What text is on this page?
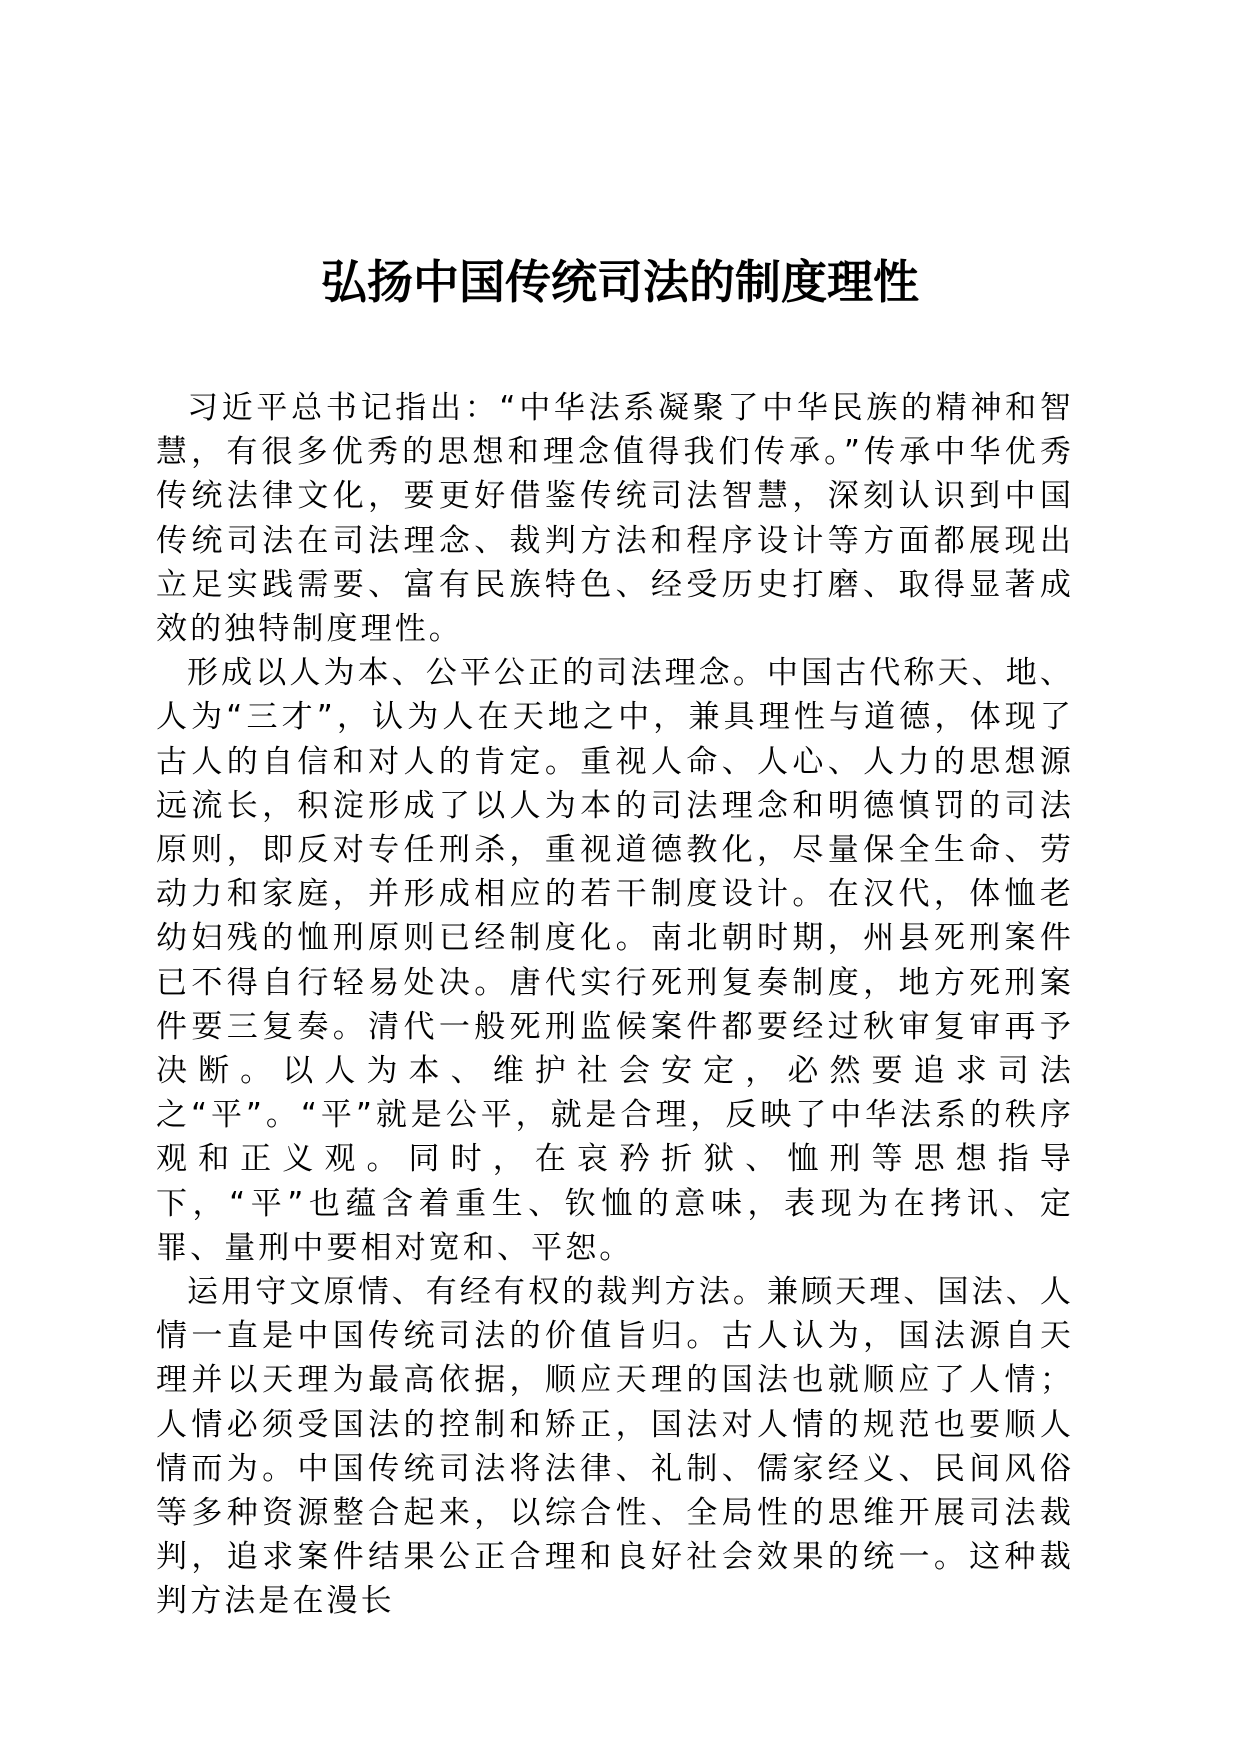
弘扬中国传统司法的制度理性

习近平总书记指出：“中华法系凝聚了中华民族的精神和智慧，有很多优秀的思想和理念值得我们传承。”传承中华优秀传统法律文化，要更好借鉴传统司法智慧，深刻认识到中国传统司法在司法理念、裁判方法和程序设计等方面都展现出立足实践需要、富有民族特色、经受历史打磨、取得显著成效的独特制度理性。

形成以人为本、公平公正的司法理念。中国古代称天、地、人为“三才”，认为人在天地之中，兼具理性与道德，体现了古人的自信和对人的肯定。重视人命、人心、人力的思想源远流长，积淀形成了以人为本的司法理念和明德慎罚的司法原则，即反对专任刑杀，重视道德教化，尽量保全生命、劳动力和家庭，并形成相应的若干制度设计。在汉代，体恤老幼妇残的恤刑原则已经制度化。南北朝时期，州县死刑案件已不得自行轻易处决。唐代实行死刑复奏制度，地方死刑案件要三复奏。清代一般死刑监候案件都要经过秋审复审再予决断。以人为本、维护社会安定，必然要追求司法之“平”。“平”就是公平，就是合理，反映了中华法系的秩序观和正义观。同时，在哀矜折狱、恤刑等思想指导下，“平”也蕴含着重生、钦恤的意味，表现为在拷讯、定罪、量刑中要相对宽和、平恕。

运用守文原情、有经有权的裁判方法。兼顾天理、国法、人情一直是中国传统司法的价值旨归。古人认为，国法源自天理并以天理为最高依据，顺应天理的国法也就顺应了人情；人情必须受国法的控制和矫正，国法对人情的规范也要顺人情而为。中国传统司法将法律、礼制、儒家经义、民间风俗等多种资源整合起来，以综合性、全局性的思维开展司法裁判，追求案件结果公正合理和良好社会效果的统一。这种裁判方法是在漫长
